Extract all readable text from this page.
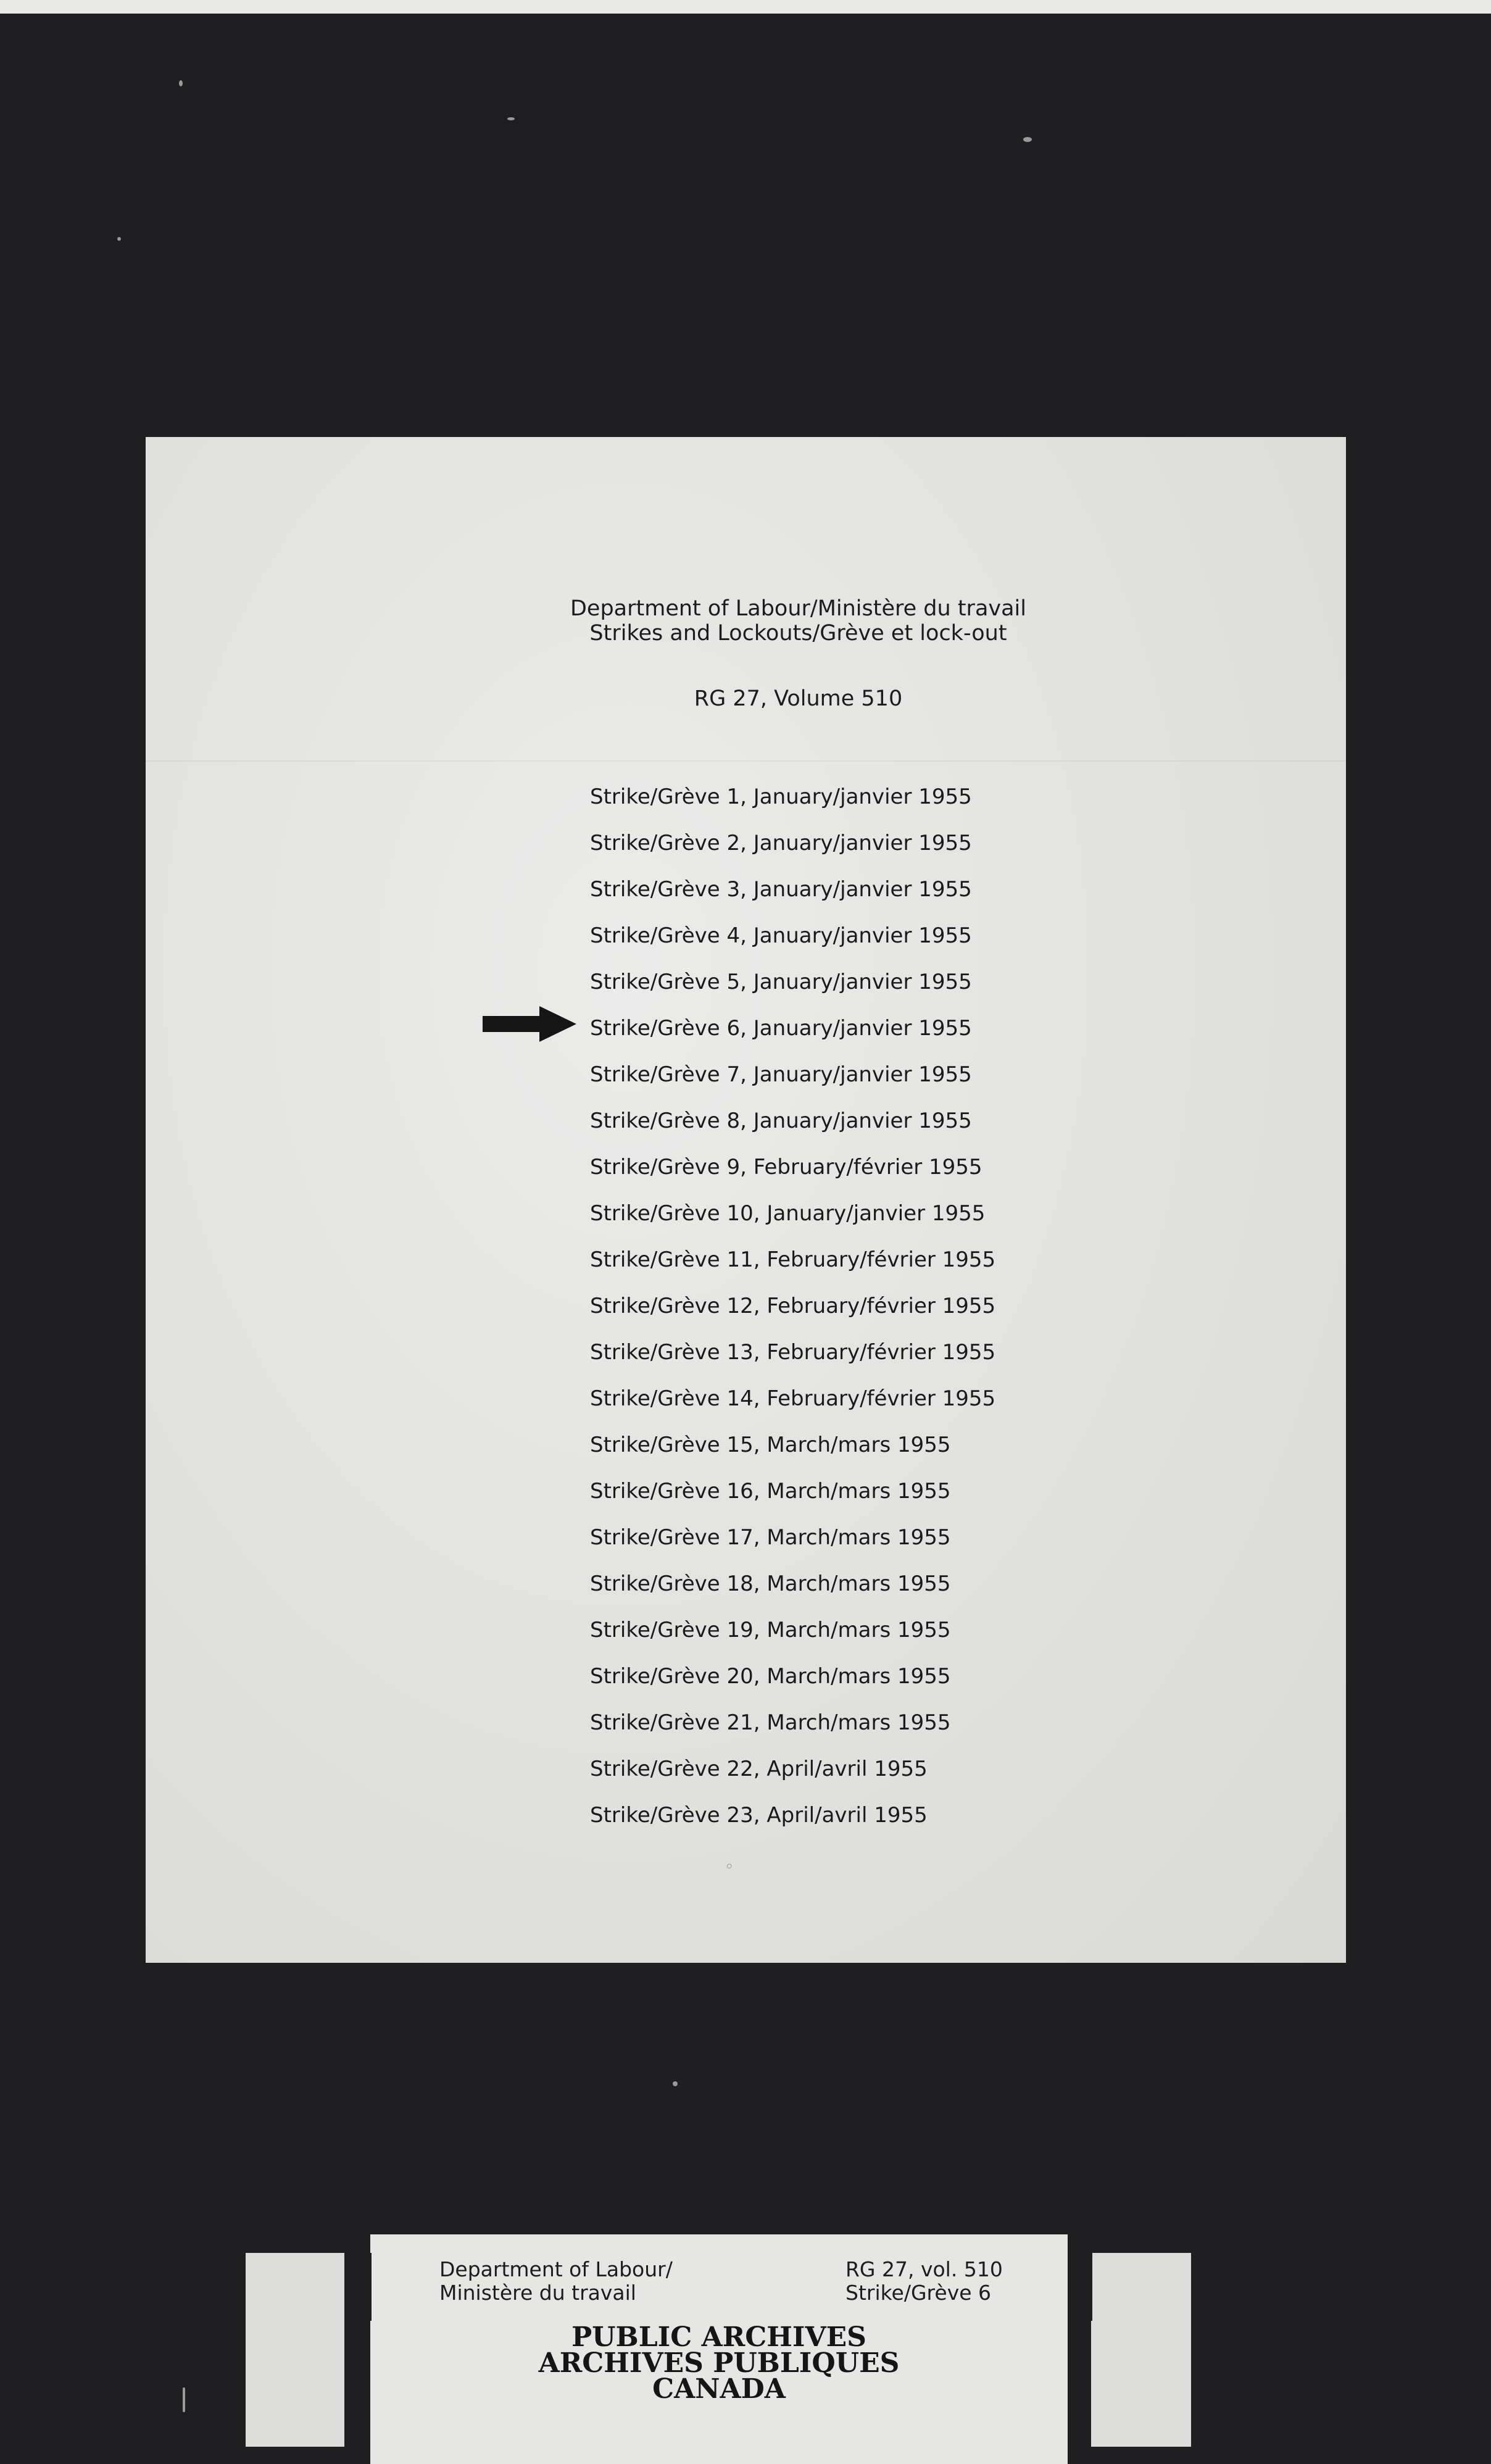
Department of Labour/Ministère du travail
Strikes and Lockouts/Grève et lock-out
RG 27, Volume 510
Strike/Grève 1, January/janvier 1955
Strike/Grève 2, January/janvier 1955
Strike/Grève 3, January/janvier 1955
Strike/Grève 4, January/janvier 1955
Strike/Grève 5, January/janvier 1955
Strike/Grève 6, January/janvier 1955
Strike/Grève 7, January/janvier 1955
Strike/Grève 8, January/janvier 1955
Strike/Grève 9, February/février 1955
Strike/Grève 10, January/janvier 1955
Strike/Grève 11, February/février 1955
Strike/Grève 12, February/février 1955
Strike/Grève 13, February/février 1955
Strike/Grève 14, February/février 1955
Strike/Grève 15, March/mars 1955
Strike/Grève 16, March/mars 1955
Strike/Grève 17, March/mars 1955
Strike/Grève 18, March/mars 1955
Strike/Grève 19, March/mars 1955
Strike/Grève 20, March/mars 1955
Strike/Grève 21, March/mars 1955
Strike/Grève 22, April/avril 1955
Strike/Grève 23, April/avril 1955
◦
Department of Labour/
Ministère du travail
RG 27, vol. 510
Strike/Grève 6
PUBLIC ARCHIVES
ARCHIVES PUBLIQUES
CANADA
